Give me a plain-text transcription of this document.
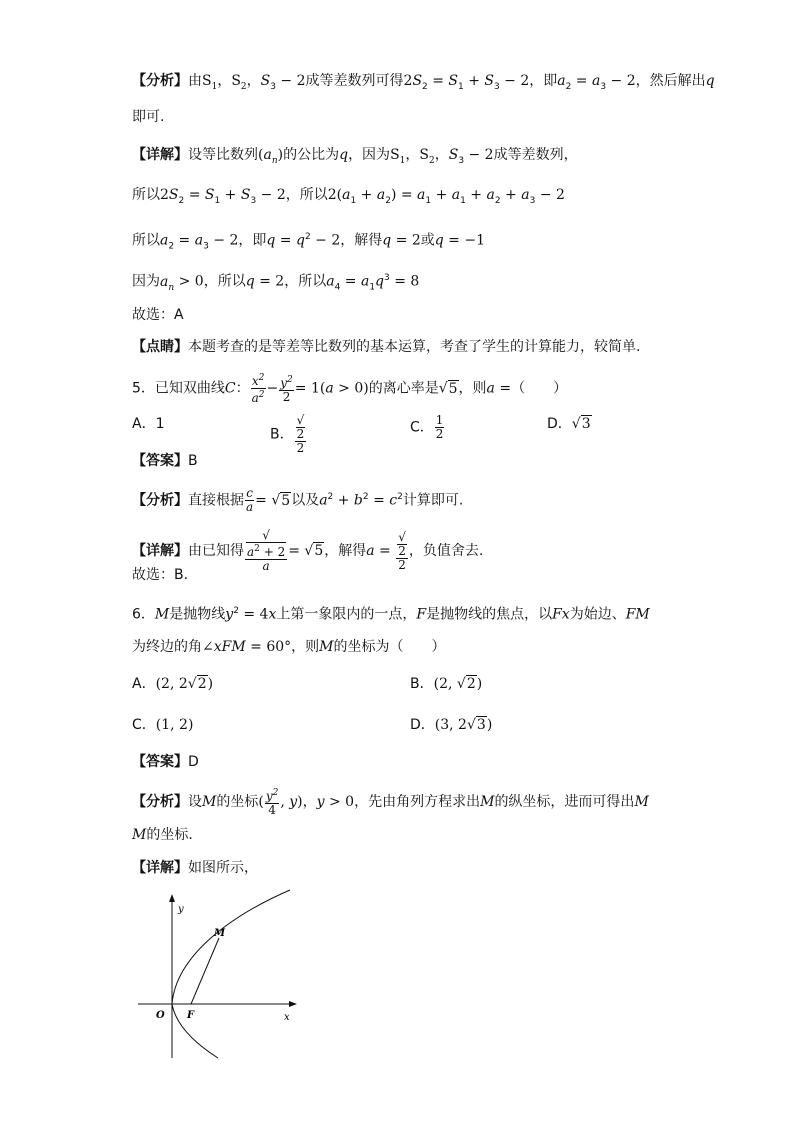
【分析】由$S_1$，$S_2$，$S_3 - 2$成等差数列可得$2S_2 = S_1 + S_3 - 2$，即$a_2 = a_3 - 2$，然后解出q
即可.
【详解】设等比数列$(a_n)$的公比为q，因为$S_1$，$S_2$，$S_3 - 2$成等差数列，
所以$2S_2 = S_1 + S_3 - 2$，所以$2(a_1 + a_2) = a_1 + a_1 + a_2 + a_3 - 2$
所以$a_2 = a_3 - 2$，即$q = q^2 - 2$，解得q = 2或q = −1
因为$a_n > 0$，所以q = 2，所以$a_4 = a_1q^3 = 8$
故选：A
【点睛】本题考查的是等差等比数列的基本运算，考查了学生的计算能力，较简单.
5．已知双曲线C： $\frac{x^2}{a^2} - \frac{y^2}{2} = 1(a > 0)$的离心率是√5，则a =（　　）
A．1
B． √
2
2	C． $\frac{1}{2}$	D．√3
【答案】B
【分析】直接根据 $\frac{c}{a} = √5$以及$a^2 + b^2 = c^2$计算即可.
【详解】由已知得 √
$a^2 + 2$
a = √5，解得a = √
2
2 ，负值舍去.
故选：B.
6．M是抛物线$y^2 = 4x$上第一象限内的一点，F是抛物线的焦点，以Fx为始边、FM
为终边的角∠xFM = 60°，则M的坐标为（　　）
A．(2, 2√2)	B．(2, √2)
C．(1, 2)	D．(3, 2√3)
【答案】D
【分析】设M的坐标( $\frac{y^2}{4}$ , y)，y > 0，先由角列方程求出M的纵坐标，进而可得出M
M的坐标．
【详解】如图所示，
y
x
O F
M
